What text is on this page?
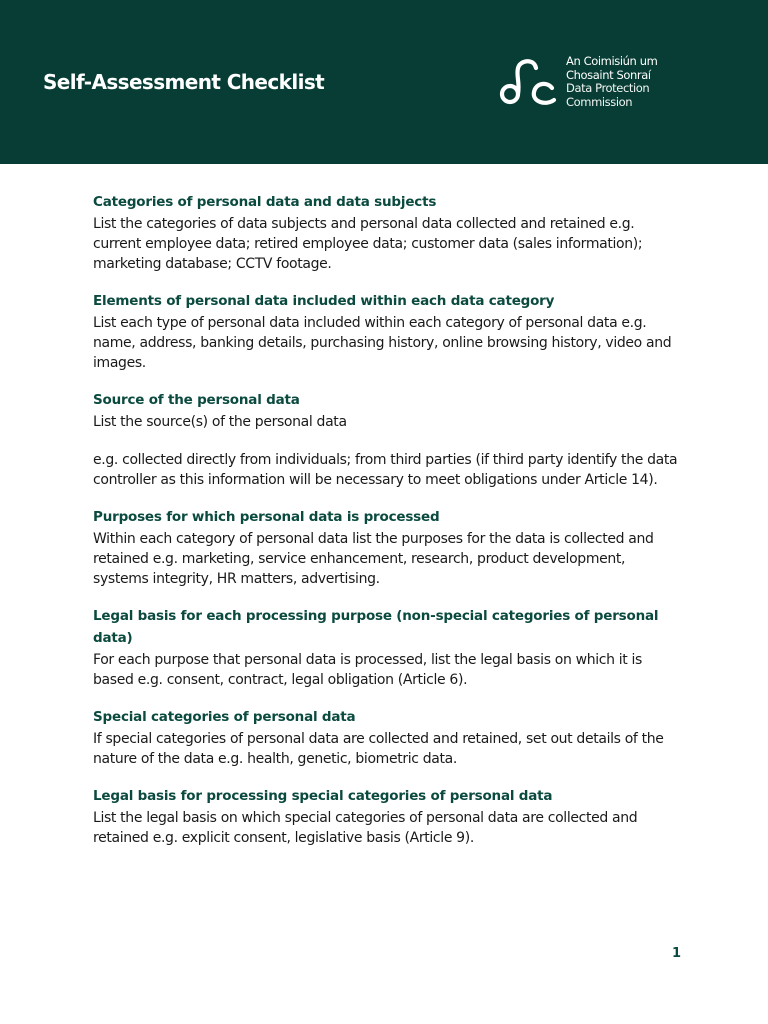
Self-Assessment Checklist
An Coimisiún um
Chosaint Sonraí
Data Protection
Commission
Categories of personal data and data subjects

List the categories of data subjects and personal data collected and retained e.g. current employee data; retired employee data; customer data (sales information); marketing database; CCTV footage.

Elements of personal data included within each data category

List each type of personal data included within each category of personal data e.g. name, address, banking details, purchasing history, online browsing history, video and images.

Source of the personal data

List the source(s) of the personal data

e.g. collected directly from individuals; from third parties (if third party identify the data controller as this information will be necessary to meet obligations under Article 14).

Purposes for which personal data is processed

Within each category of personal data list the purposes for the data is collected and retained e.g. marketing, service enhancement, research, product development, systems integrity, HR matters, advertising.

Legal basis for each processing purpose (non-special categories of personal data)

For each purpose that personal data is processed, list the legal basis on which it is based e.g. consent, contract, legal obligation (Article 6).

Special categories of personal data

If special categories of personal data are collected and retained, set out details of the nature of the data e.g. health, genetic, biometric data.

Legal basis for processing special categories of personal data

List the legal basis on which special categories of personal data are collected and retained e.g. explicit consent, legislative basis (Article 9).

1
